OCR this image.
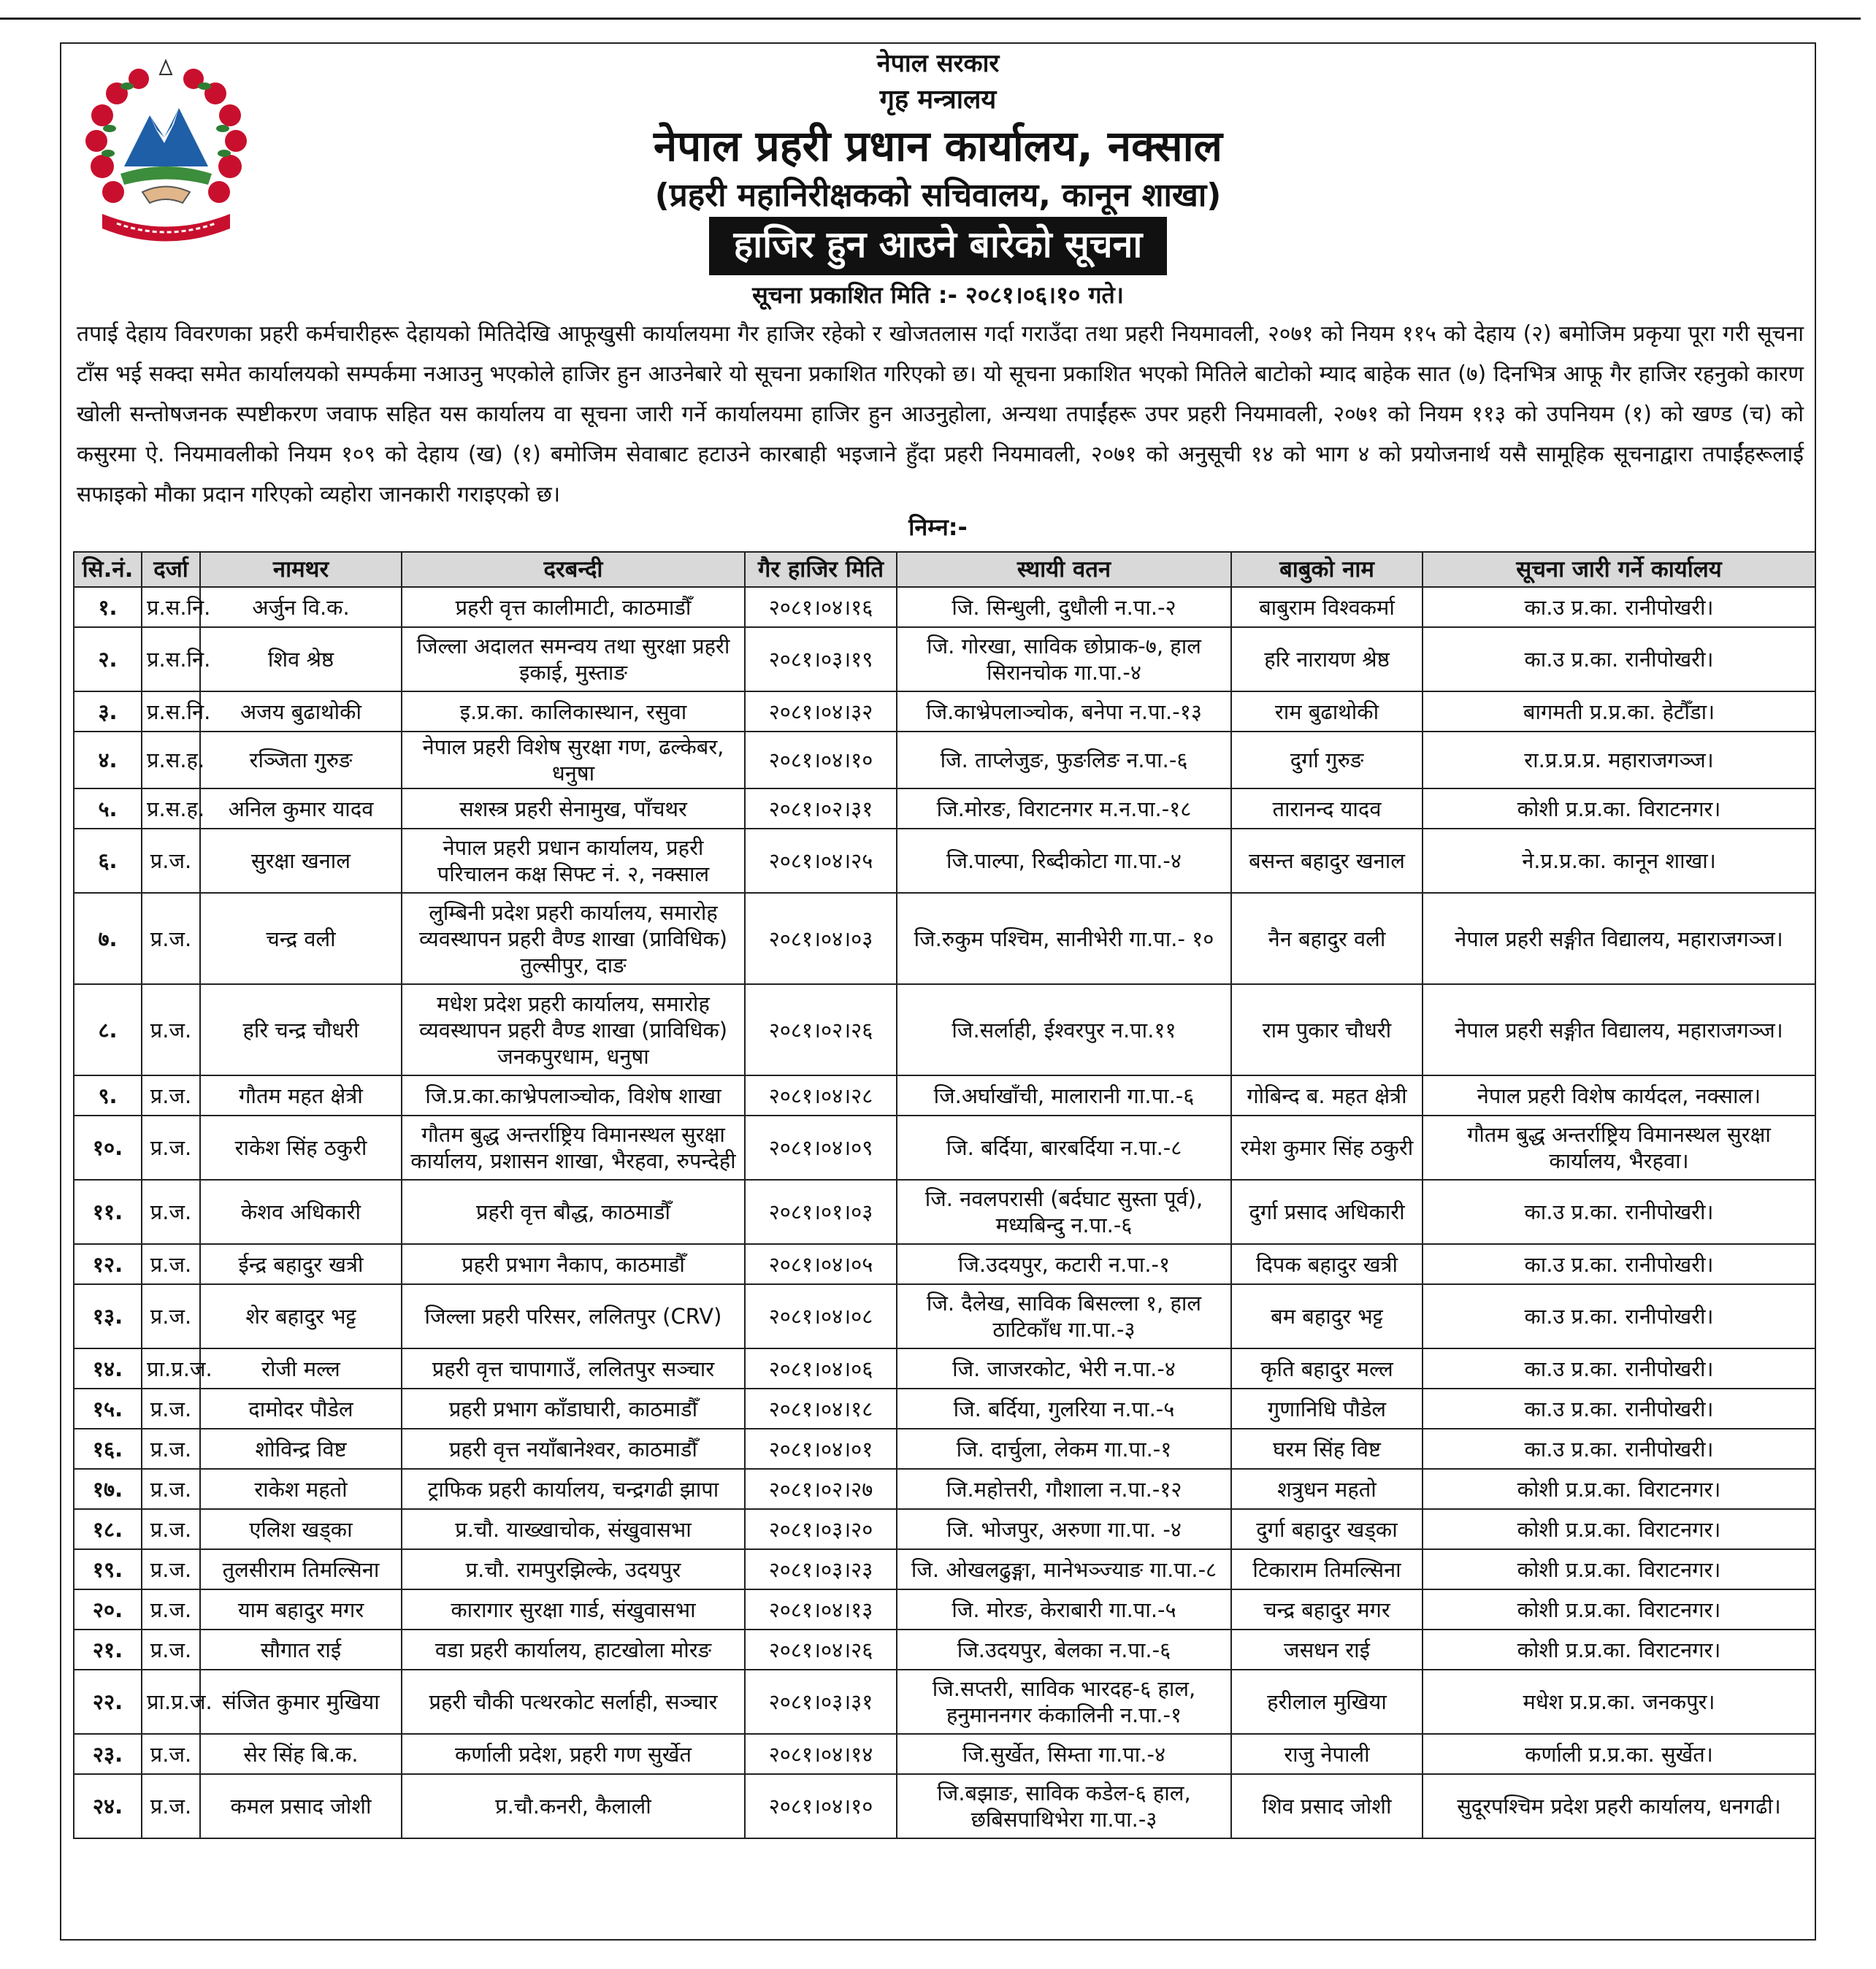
नेपाल सरकार
गृह मन्त्रालय
नेपाल प्रहरी प्रधान कार्यालय, नक्साल
(प्रहरी महानिरीक्षकको सचिवालय, कानून शाखा)
हाजिर हुन आउने बारेको सूचना
सूचना प्रकाशित मिति :- २०८१।०६।१० गते।
तपाई देहाय विवरणका प्रहरी कर्मचारीहरू देहायको मितिदेखि आफूखुसी कार्यालयमा गैर हाजिर रहेको र खोजतलास गर्दा गराउँदा तथा प्रहरी नियमावली, २०७१ को नियम ११५ को देहाय (२) बमोजिम प्रकृया पूरा गरी सूचना टाँस भई सक्दा समेत कार्यालयको सम्पर्कमा नआउनु भएकोले हाजिर हुन आउनेबारे यो सूचना प्रकाशित गरिएको छ। यो सूचना प्रकाशित भएको मितिले बाटोको म्याद बाहेक सात (७) दिनभित्र आफू गैर हाजिर रहनुको कारण खोली सन्तोषजनक स्पष्टीकरण जवाफ सहित यस कार्यालय वा सूचना जारी गर्ने कार्यालयमा हाजिर हुन आउनुहोला, अन्यथा तपाईंहरू उपर प्रहरी नियमावली, २०७१ को नियम ११३ को उपनियम (१) को खण्ड (च) को कसुरमा ऐ. नियमावलीको नियम १०९ को देहाय (ख) (१) बमोजिम सेवाबाट हटाउने कारबाही भइजाने हुँदा प्रहरी नियमावली, २०७१ को अनुसूची १४ को भाग ४ को प्रयोजनार्थ यसै सामूहिक सूचनाद्वारा तपाईंहरूलाई सफाइको मौका प्रदान गरिएको व्यहोरा जानकारी गराइएको छ।
निम्न:-
सि.नं.	दर्जा	नामथर	दरबन्दी	गैर हाजिर मिति	स्थायी वतन	बाबुको नाम	सूचना जारी गर्ने कार्यालय
१.	प्र.स.नि.	अर्जुन वि.क.	प्रहरी वृत्त कालीमाटी, काठमाडौँ	२०८१।०४।१६	जि. सिन्धुली, दुधौली न.पा.-२	बाबुराम विश्वकर्मा	का.उ प्र.का. रानीपोखरी।
२.	प्र.स.नि.	शिव श्रेष्ठ	जिल्ला अदालत समन्वय तथा सुरक्षा प्रहरी इकाई, मुस्ताङ	२०८१।०३।१९	जि. गोरखा, साविक छोप्राक-७, हाल सिरानचोक गा.पा.-४	हरि नारायण श्रेष्ठ	का.उ प्र.का. रानीपोखरी।
३.	प्र.स.नि.	अजय बुढाथोकी	इ.प्र.का. कालिकास्थान, रसुवा	२०८१।०४।३२	जि.काभ्रेपलाञ्चोक, बनेपा न.पा.-१३	राम बुढाथोकी	बागमती प्र.प्र.का. हेटौँडा।
४.	प्र.स.ह.	रञ्जिता गुरुङ	नेपाल प्रहरी विशेष सुरक्षा गण, ढल्केबर, धनुषा	२०८१।०४।१०	जि. ताप्लेजुङ, फुङलिङ न.पा.-६	दुर्गा गुरुङ	रा.प्र.प्र.प्र. महाराजगञ्ज।
५.	प्र.स.ह.	अनिल कुमार यादव	सशस्त्र प्रहरी सेनामुख, पाँचथर	२०८१।०२।३१	जि.मोरङ, विराटनगर म.न.पा.-१८	तारानन्द यादव	कोशी प्र.प्र.का. विराटनगर।
६.	प्र.ज.	सुरक्षा खनाल	नेपाल प्रहरी प्रधान कार्यालय, प्रहरी परिचालन कक्ष सिफ्ट नं. २, नक्साल	२०८१।०४।२५	जि.पाल्पा, रिब्दीकोटा गा.पा.-४	बसन्त बहादुर खनाल	ने.प्र.प्र.का. कानून शाखा।
७.	प्र.ज.	चन्द्र वली	लुम्बिनी प्रदेश प्रहरी कार्यालय, समारोह व्यवस्थापन प्रहरी वैण्ड शाखा (प्राविधिक) तुल्सीपुर, दाङ	२०८१।०४।०३	जि.रुकुम पश्चिम, सानीभेरी गा.पा.- १०	नैन बहादुर वली	नेपाल प्रहरी सङ्गीत विद्यालय, महाराजगञ्ज।
८.	प्र.ज.	हरि चन्द्र चौधरी	मधेश प्रदेश प्रहरी कार्यालय, समारोह व्यवस्थापन प्रहरी वैण्ड शाखा (प्राविधिक) जनकपुरधाम, धनुषा	२०८१।०२।२६	जि.सर्लाही, ईश्वरपुर न.पा.११	राम पुकार चौधरी	नेपाल प्रहरी सङ्गीत विद्यालय, महाराजगञ्ज।
९.	प्र.ज.	गौतम महत क्षेत्री	जि.प्र.का.काभ्रेपलाञ्चोक, विशेष शाखा	२०८१।०४।२८	जि.अर्घाखाँची, मालारानी गा.पा.-६	गोबिन्द ब. महत क्षेत्री	नेपाल प्रहरी विशेष कार्यदल, नक्साल।
१०.	प्र.ज.	राकेश सिंह ठकुरी	गौतम बुद्ध अन्तर्राष्ट्रिय विमानस्थल सुरक्षा कार्यालय, प्रशासन शाखा, भैरहवा, रुपन्देही	२०८१।०४।०९	जि. बर्दिया, बारबर्दिया न.पा.-८	रमेश कुमार सिंह ठकुरी	गौतम बुद्ध अन्तर्राष्ट्रिय विमानस्थल सुरक्षा कार्यालय, भैरहवा।
११.	प्र.ज.	केशव अधिकारी	प्रहरी वृत्त बौद्ध, काठमाडौँ	२०८१।०१।०३	जि. नवलपरासी (बर्दघाट सुस्ता पूर्व), मध्यबिन्दु न.पा.-६	दुर्गा प्रसाद अधिकारी	का.उ प्र.का. रानीपोखरी।
१२.	प्र.ज.	ईन्द्र बहादुर खत्री	प्रहरी प्रभाग नैकाप, काठमाडौँ	२०८१।०४।०५	जि.उदयपुर, कटारी न.पा.-१	दिपक बहादुर खत्री	का.उ प्र.का. रानीपोखरी।
१३.	प्र.ज.	शेर बहादुर भट्ट	जिल्ला प्रहरी परिसर, ललितपुर (CRV)	२०८१।०४।०८	जि. दैलेख, साविक बिसल्ला १, हाल ठाटिकाँध गा.पा.-३	बम बहादुर भट्ट	का.उ प्र.का. रानीपोखरी।
१४.	प्रा.प्र.ज.	रोजी मल्ल	प्रहरी वृत्त चापागाउँ, ललितपुर सञ्चार	२०८१।०४।०६	जि. जाजरकोट, भेरी न.पा.-४	कृति बहादुर मल्ल	का.उ प्र.का. रानीपोखरी।
१५.	प्र.ज.	दामोदर पौडेल	प्रहरी प्रभाग काँडाघारी, काठमाडौँ	२०८१।०४।१८	जि. बर्दिया, गुलरिया न.पा.-५	गुणानिधि पौडेल	का.उ प्र.का. रानीपोखरी।
१६.	प्र.ज.	शोविन्द्र विष्ट	प्रहरी वृत्त नयाँबानेश्वर, काठमाडौँ	२०८१।०४।०१	जि. दार्चुला, लेकम गा.पा.-१	घरम सिंह विष्ट	का.उ प्र.का. रानीपोखरी।
१७.	प्र.ज.	राकेश महतो	ट्राफिक प्रहरी कार्यालय, चन्द्रगढी झापा	२०८१।०२।२७	जि.महोत्तरी, गौशाला न.पा.-१२	शत्रुधन महतो	कोशी प्र.प्र.का. विराटनगर।
१८.	प्र.ज.	एलिश खड्का	प्र.चौ. याख्खाचोक, संखुवासभा	२०८१।०३।२०	जि. भोजपुर, अरुणा गा.पा. -४	दुर्गा बहादुर खड्का	कोशी प्र.प्र.का. विराटनगर।
१९.	प्र.ज.	तुलसीराम तिमल्सिना	प्र.चौ. रामपुरझिल्के, उदयपुर	२०८१।०३।२३	जि. ओखलढुङ्गा, मानेभञ्ज्याङ गा.पा.-८	टिकाराम तिमल्सिना	कोशी प्र.प्र.का. विराटनगर।
२०.	प्र.ज.	याम बहादुर मगर	कारागार सुरक्षा गार्ड, संखुवासभा	२०८१।०४।१३	जि. मोरङ, केराबारी गा.पा.-५	चन्द्र बहादुर मगर	कोशी प्र.प्र.का. विराटनगर।
२१.	प्र.ज.	सौगात राई	वडा प्रहरी कार्यालय, हाटखोला मोरङ	२०८१।०४।२६	जि.उदयपुर, बेलका न.पा.-६	जसधन राई	कोशी प्र.प्र.का. विराटनगर।
२२.	प्रा.प्र.ज.	संजित कुमार मुखिया	प्रहरी चौकी पत्थरकोट सर्लाही, सञ्चार	२०८१।०३।३१	जि.सप्तरी, साविक भारदह-६ हाल, हनुमाननगर कंकालिनी न.पा.-१	हरीलाल मुखिया	मधेश प्र.प्र.का. जनकपुर।
२३.	प्र.ज.	सेर सिंह बि.क.	कर्णाली प्रदेश, प्रहरी गण सुर्खेत	२०८१।०४।१४	जि.सुर्खेत, सिम्ता गा.पा.-४	राजु नेपाली	कर्णाली प्र.प्र.का. सुर्खेत।
२४.	प्र.ज.	कमल प्रसाद जोशी	प्र.चौ.कनरी, कैलाली	२०८१।०४।१०	जि.बझाङ, साविक कडेल-६ हाल, छबिसपाथिभेरा गा.पा.-३	शिव प्रसाद जोशी	सुदूरपश्चिम प्रदेश प्रहरी कार्यालय, धनगढी।
